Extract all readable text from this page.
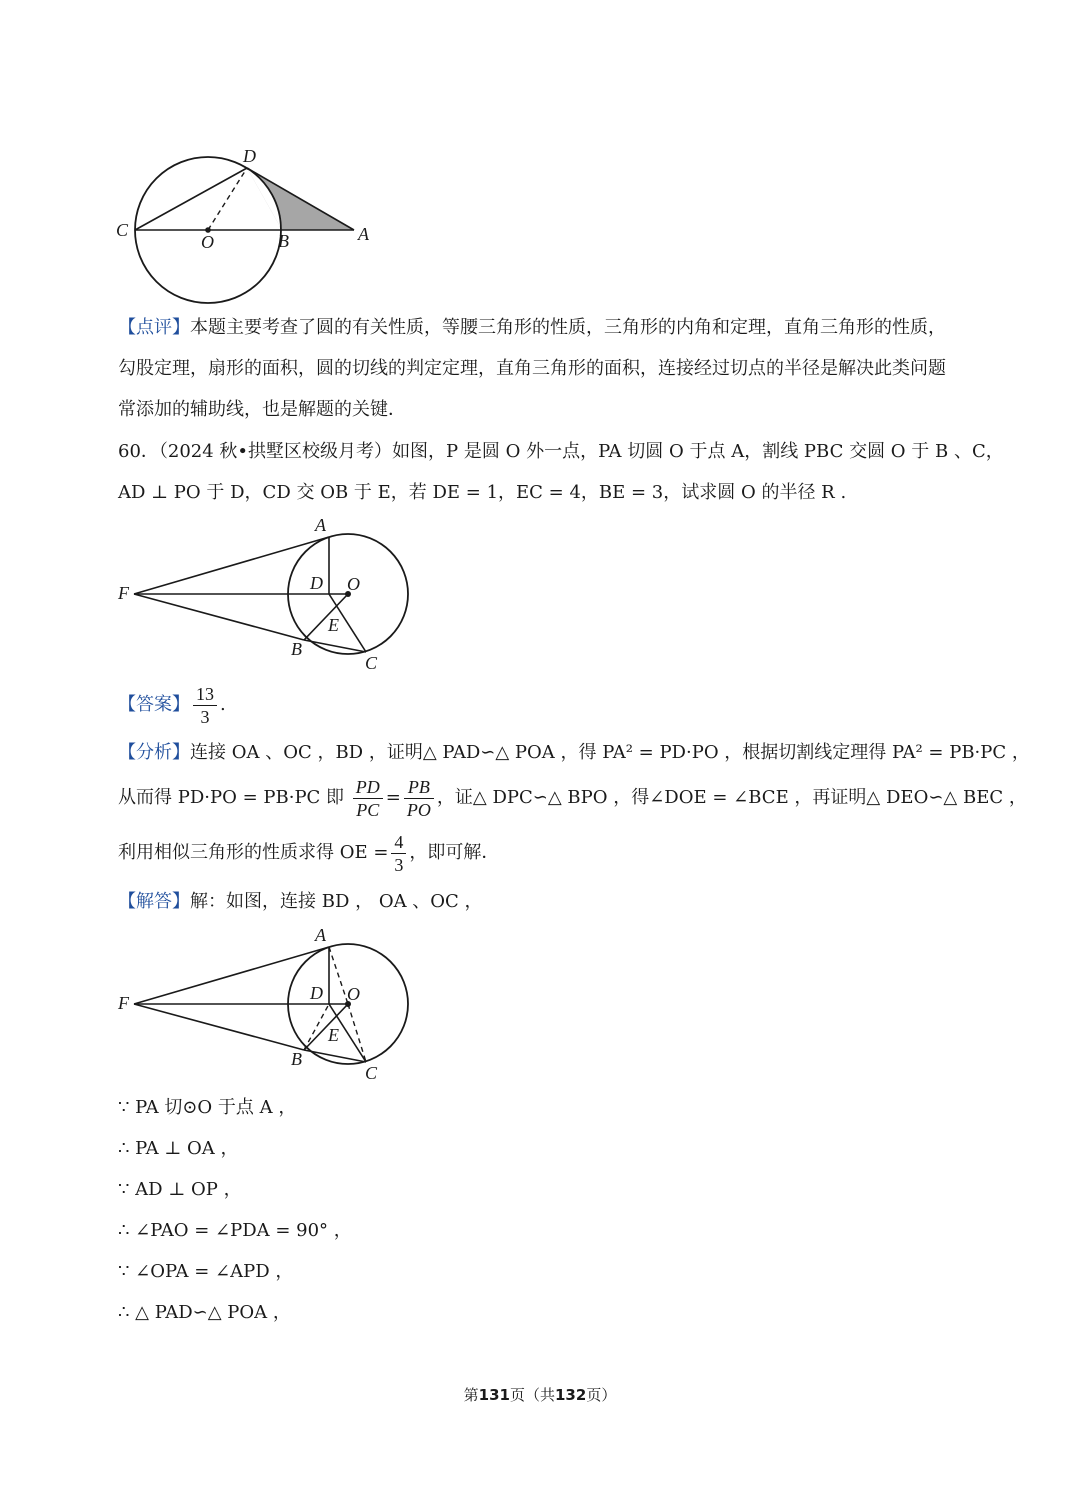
D
C
O	B	A
【点评】本题主要考查了圆的有关性质，等腰三角形的性质，三角形的内角和定理，直角三角形的性质，
勾股定理，扇形的面积，圆的切线的判定定理，直角三角形的面积，连接经过切点的半径是解决此类问题
常添加的辅助线，也是解题的关键．
60．（2024 秋•拱墅区校级月考）如图，P 是圆 O 外一点，PA 切圆 O 于点 A，割线 PBC 交圆 O 于 B 、C，
AD ⊥ PO 于 D，CD 交 OB 于 E，若 DE = 1，EC = 4，BE = 3，试求圆 O 的半径 R .
A
F	D O
E
B
C
【答案】 $\frac{13}{3}$ .
【分析】连接 OA 、OC ，BD ，证明△ PAD∽△ POA ，得 PA² = PD·PO ，根据切割线定理得 PA² = PB·PC ，
从而得 PD·PO = PB·PC 即 $\frac{PD}{PC} = \frac{PB}{PO}$ ，证△ DPC∽△ BPO ，得∠DOE = ∠BCE ，再证明△ DEO∽△ BEC ，
利用相似三角形的性质求得 OE = $\frac{4}{3}$ ，即可解．
【解答】解：如图，连接 BD ， OA 、OC ，
A
F	D O
E
B
C
∵ PA 切⊙O 于点 A ，
∴ PA ⊥ OA ，
∵ AD ⊥ OP ，
∴ ∠PAO = ∠PDA = 90° ，
∵ ∠OPA = ∠APD ，
∴ △ PAD∽△ POA ，
第131页（共132页）
